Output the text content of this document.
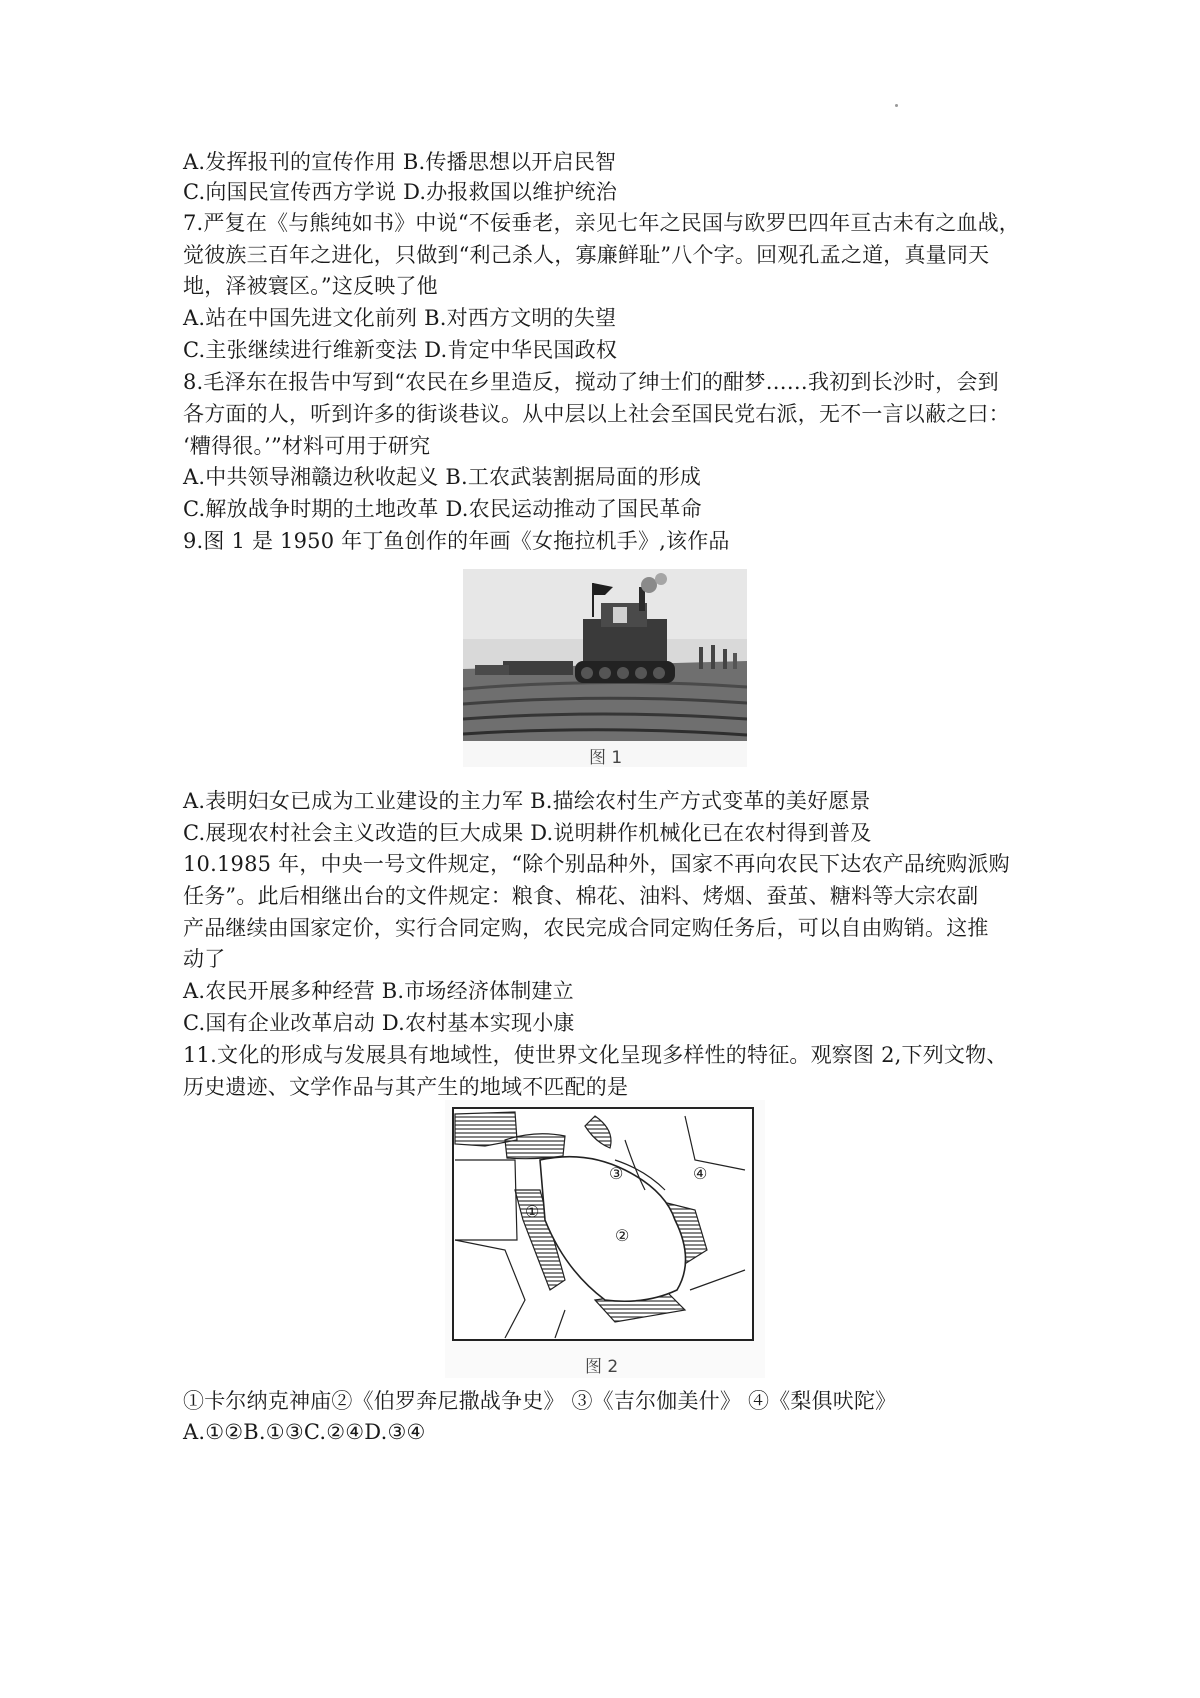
A.发挥报刊的宣传作用 B.传播思想以开启民智
C.向国民宣传西方学说 D.办报救国以维护统治
7.严复在《与熊纯如书》中说“不佞垂老，亲见七年之民国与欧罗巴四年亘古未有之血战，
觉彼族三百年之进化，只做到“利己杀人，寡廉鲜耻”八个字。回观孔孟之道，真量同天
地，泽被寰区。”这反映了他
A.站在中国先进文化前列 B.对西方文明的失望
C.主张继续进行维新变法 D.肯定中华民国政权
8.毛泽东在报告中写到“农民在乡里造反，搅动了绅士们的酣梦……我初到长沙时，会到
各方面的人，听到许多的街谈巷议。从中层以上社会至国民党右派，无不一言以蔽之曰：
‘糟得很。’”材料可用于研究
A.中共领导湘赣边秋收起义 B.工农武装割据局面的形成
C.解放战争时期的土地改革 D.农民运动推动了国民革命
9.图 1 是 1950 年丁鱼创作的年画《女拖拉机手》,该作品
图 1
A.表明妇女已成为工业建设的主力军 B.描绘农村生产方式变革的美好愿景
C.展现农村社会主义改造的巨大成果 D.说明耕作机械化已在农村得到普及
10.1985 年，中央一号文件规定，“除个别品种外，国家不再向农民下达农产品统购派购
任务”。此后相继出台的文件规定：粮食、棉花、油料、烤烟、蚕茧、糖料等大宗农副
产品继续由国家定价，实行合同定购，农民完成合同定购任务后，可以自由购销。这推
动了
A.农民开展多种经营 B.市场经济体制建立
C.国有企业改革启动 D.农村基本实现小康
11.文化的形成与发展具有地域性，使世界文化呈现多样性的特征。观察图 2,下列文物、
历史遗迹、文学作品与其产生的地域不匹配的是
①
②
③	④
图 2
①卡尔纳克神庙②《伯罗奔尼撒战争史》 ③《吉尔伽美什》 ④《梨俱吠陀》
A.①②B.①③C.②④D.③④
